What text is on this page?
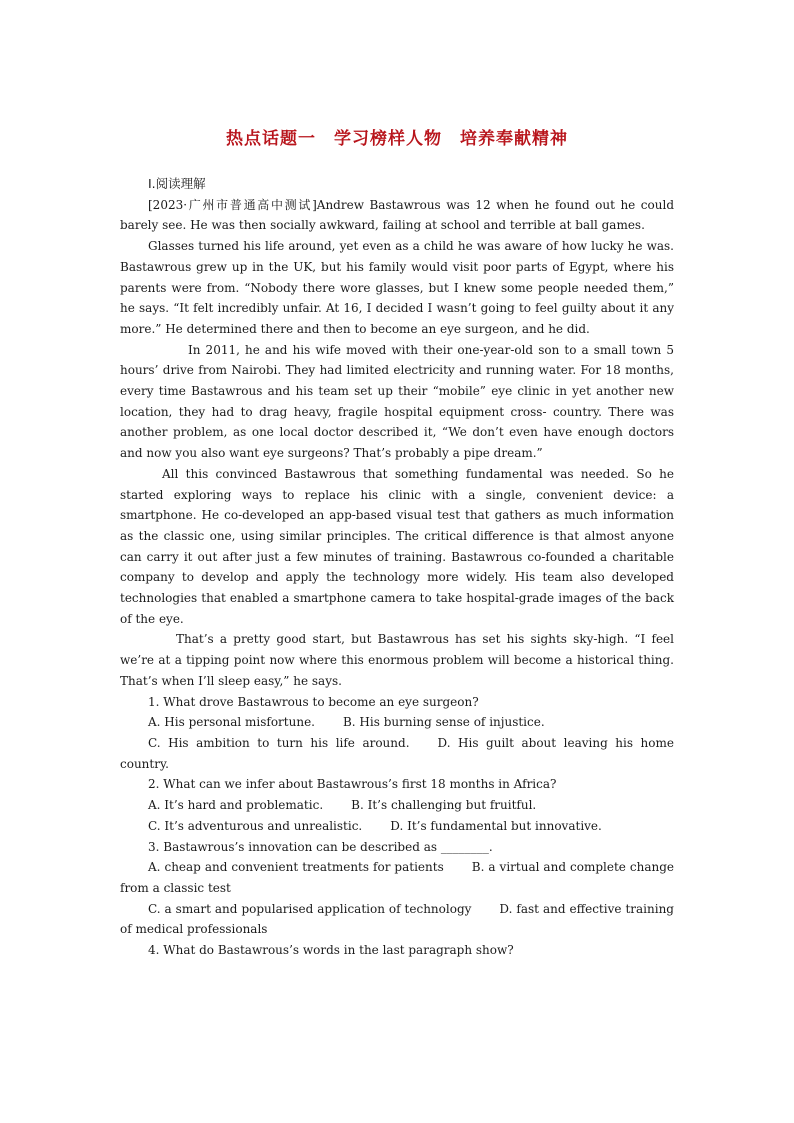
热点话题一　学习榜样人物　培养奉献精神
Ⅰ.阅读理解

[2023·广州市普通高中测试]Andrew Bastawrous was 12 when he found out he could barely see. He was then socially awkward, failing at school and terrible at ball games.

Glasses turned his life around, yet even as a child he was aware of how lucky he was. Bastawrous grew up in the UK, but his family would visit poor parts of Egypt, where his parents were from. “Nobody there wore glasses, but I knew some people needed them,” he says. “It felt incredibly unfair. At 16, I decided I wasn’t going to feel guilty about it any more.” He determined there and then to become an eye surgeon, and he did.

In 2011, he and his wife moved with their one-year-old son to a small town 5 hours’ drive from Nairobi. They had limited electricity and running water. For 18 months, every time Bastawrous and his team set up their “mobile” eye clinic in yet another new location, they had to drag heavy, fragile hospital equipment cross- country. There was another problem, as one local doctor described it, “We don’t even have enough doctors and now you also want eye surgeons? That’s probably a pipe dream.”

All this convinced Bastawrous that something fundamental was needed. So he started exploring ways to replace his clinic with a single, convenient device: a smartphone. He co-developed an app-based visual test that gathers as much information as the classic one, using similar principles. The critical difference is that almost anyone can carry it out after just a few minutes of training. Bastawrous co-founded a charitable company to develop and apply the technology more widely. His team also developed technologies that enabled a smartphone camera to take hospital-grade images of the back of the eye.

That’s a pretty good start, but Bastawrous has set his sights sky-high. “I feel we’re at a tipping point now where this enormous problem will become a historical thing. That’s when I’ll sleep easy,” he says.

1. What drove Bastawrous to become an eye surgeon?
A. His personal misfortune. B. His burning sense of injustice.
C. His ambition to turn his life around. D. His guilt about leaving his home country.
2. What can we infer about Bastawrous’s first 18 months in Africa?
A. It’s hard and problematic. B. It’s challenging but fruitful.
C. It’s adventurous and unrealistic. D. It’s fundamental but innovative.
3. Bastawrous’s innovation can be described as ________.
A. cheap and convenient treatments for patients B. a virtual and complete change from a classic test
C. a smart and popularised application of technology D. fast and effective training of medical professionals
4. What do Bastawrous’s words in the last paragraph show?
